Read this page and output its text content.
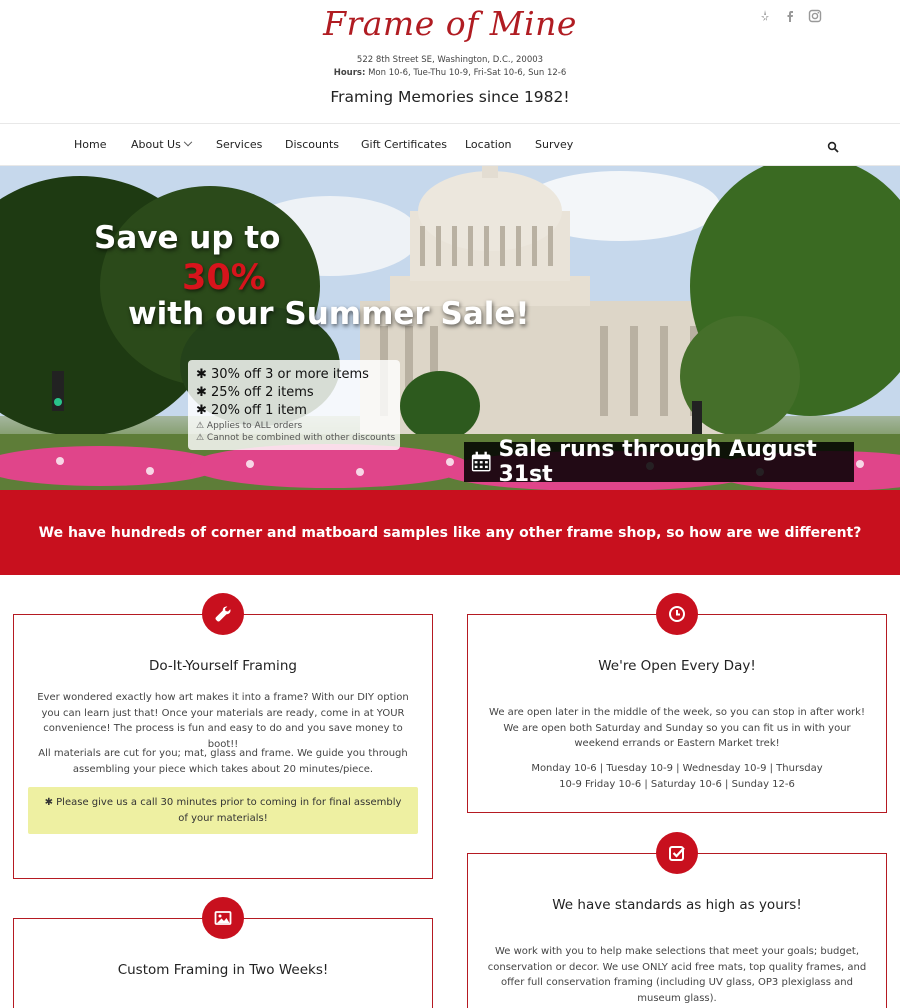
Frame of Mine
522 8th Street SE, Washington, D.C., 20003
Hours: Mon 10-6, Tue-Thu 10-9, Fri-Sat 10-6, Sun 12-6
Framing Memories since 1982!
Home About Us	Services Discounts Gift Certificates Location Survey
Save up to
30%
with our Summer Sale!
✱ 30% off 3 or more items
✱ 25% off 2 items
✱ 20% off 1 item
⚠ Applies to ALL orders
⚠ Cannot be combined with other discounts	Sale runs through August 31st
We have hundreds of corner and matboard samples like any other frame shop, so how are we different?
Do-It-Yourself Framing

Ever wondered exactly how art makes it into a frame? With our DIY option you can learn just that! Once your materials are ready, come in at YOUR convenience! The process is fun and easy to do and you save money to boot!!

All materials are cut for you; mat, glass and frame. We guide you through assembling your piece which takes about 20 minutes/piece.

✱ Please give us a call 30 minutes prior to coming in for final assembly of your materials!
We're Open Every Day!

We are open later in the middle of the week, so you can stop in after work! We are open both Saturday and Sunday so you can fit us in with your weekend errands or Eastern Market trek!

Monday 10-6 | Tuesday 10-9 | Wednesday 10-9 | Thursday 10-9 Friday 10-6 | Saturday 10-6 | Sunday 12-6

We have standards as high as yours!

We work with you to help make selections that meet your goals; budget, conservation or decor. We use ONLY acid free mats, top quality frames, and offer full conservation framing (including UV glass, OP3 plexiglass and museum glass).

Custom Framing in Two Weeks!
